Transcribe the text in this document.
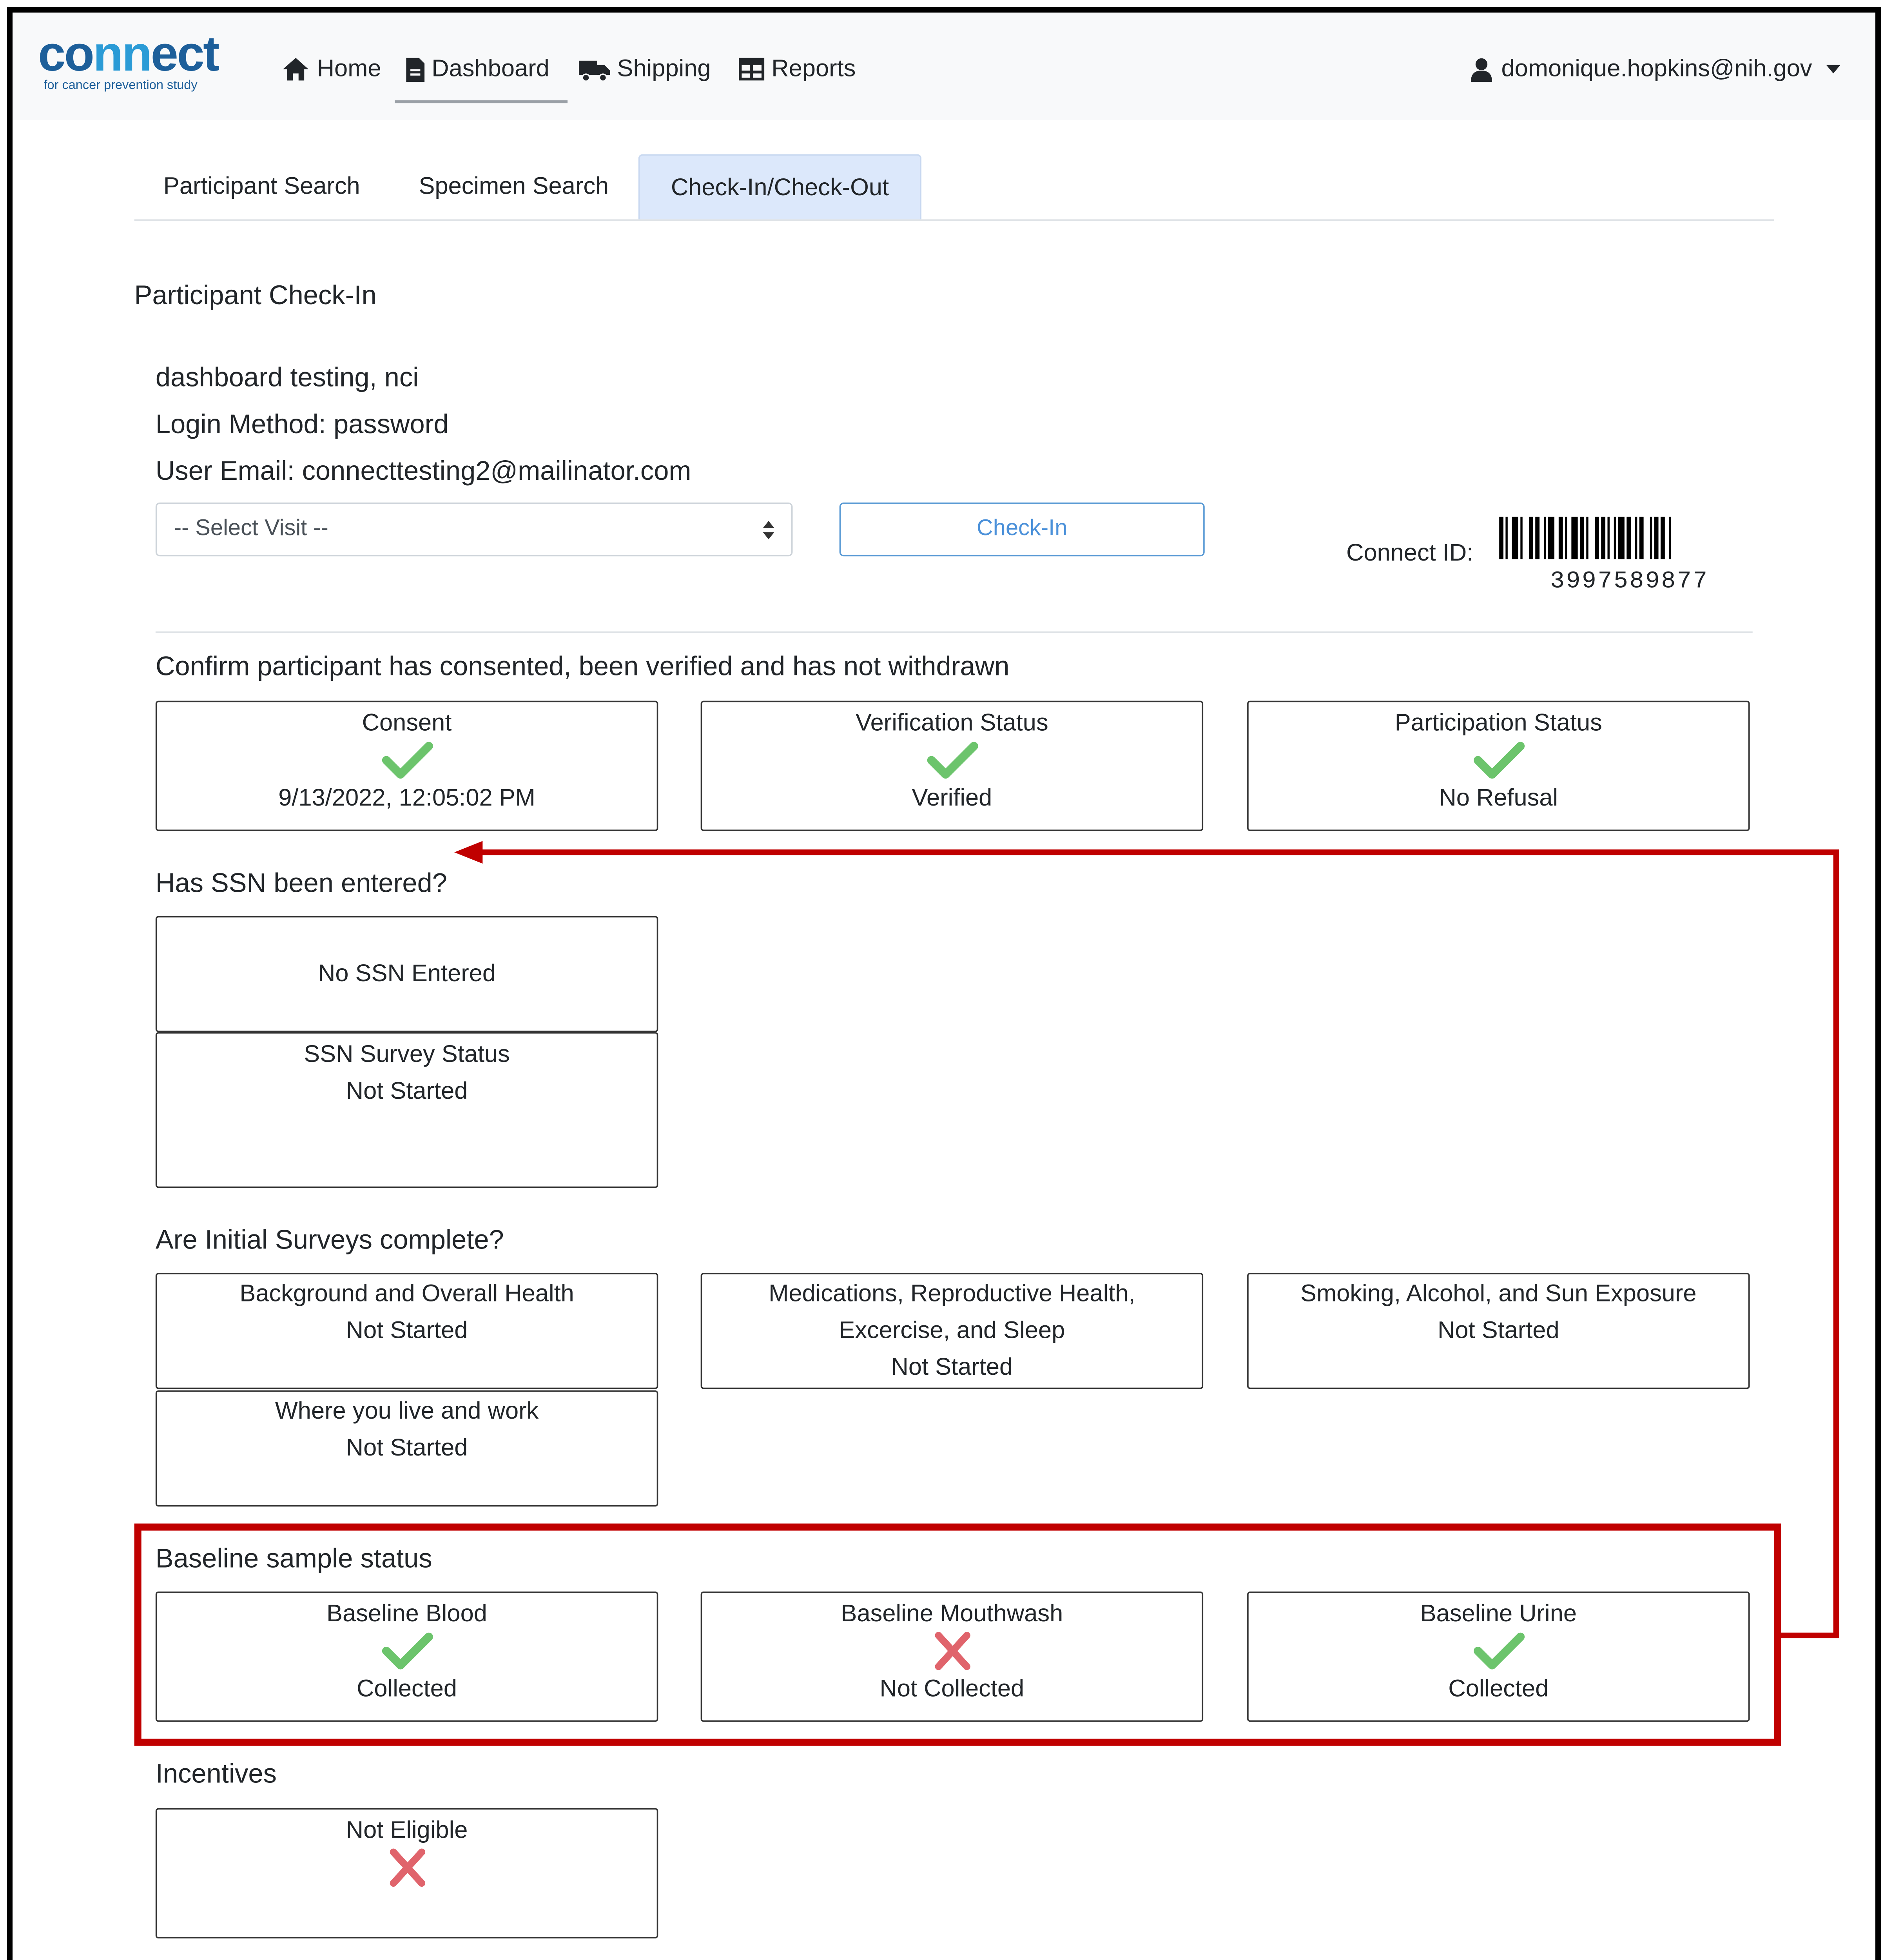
connect
for cancer prevention study
Home	Dashboard	Shipping	Reports	domonique.hopkins@nih.gov
Participant Search	Specimen Search	Check-In/Check-Out
Participant Check-In
dashboard testing, nci
Login Method: password
User Email: connecttesting2@mailinator.com
-- Select Visit --	Check-In
Connect ID:
3997589877
Confirm participant has consented, been verified and has not withdrawn
Consent
9/13/2022, 12:05:02 PM
Verification Status
Verified
Participation Status
No Refusal
Has SSN been entered?
No SSN Entered
SSN Survey Status
Not Started
Are Initial Surveys complete?
Background and Overall Health
Not Started
Medications, Reproductive Health,
Excercise, and Sleep
Not Started
Smoking, Alcohol, and Sun Exposure
Not Started
Where you live and work
Not Started
Baseline sample status
Baseline Blood
Collected
Baseline Mouthwash
Not Collected
Baseline Urine
Collected
Incentives
Not Eligible
